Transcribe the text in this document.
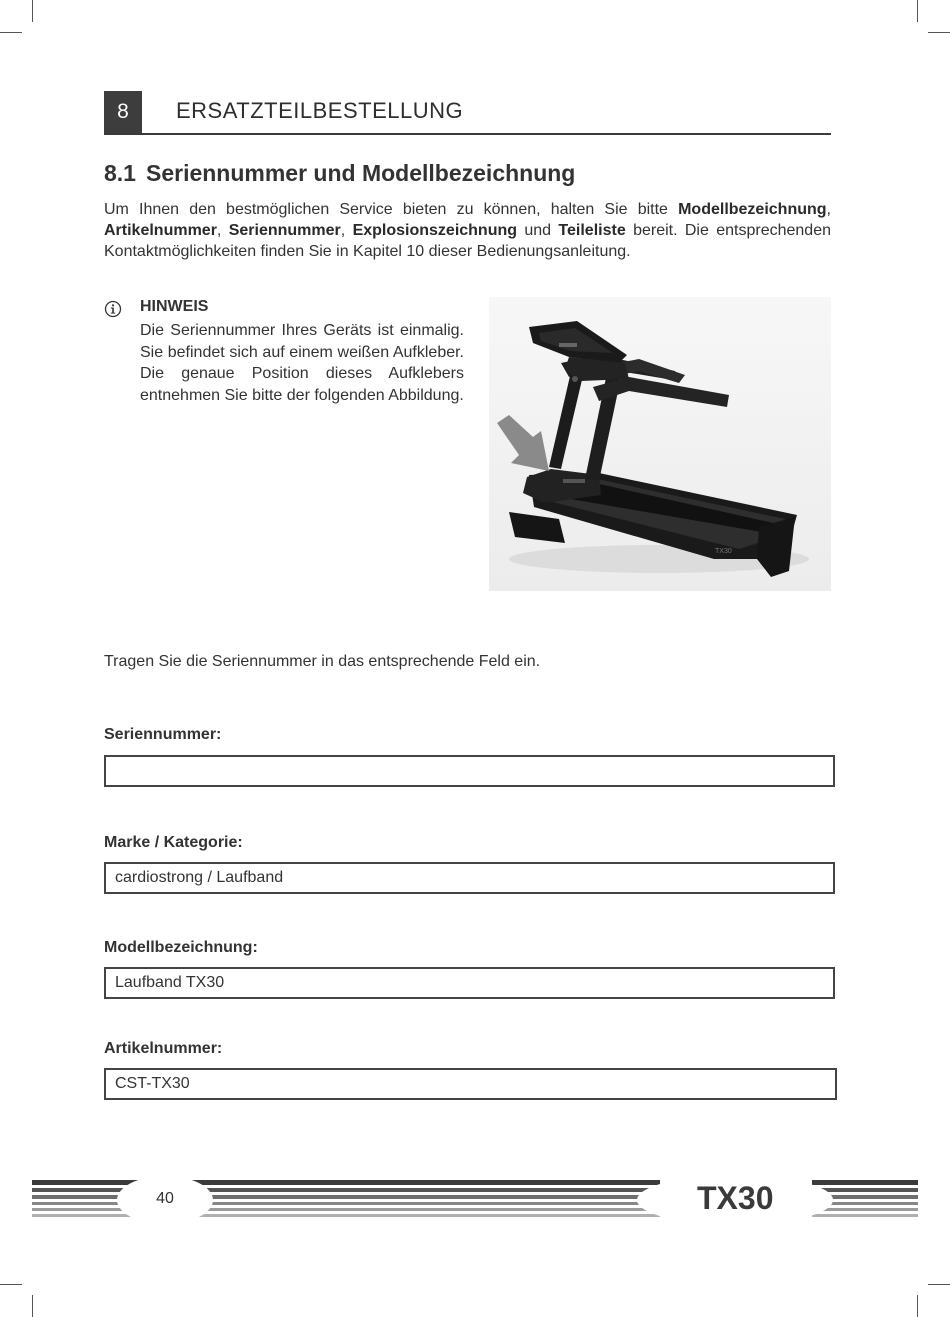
8	ERSATZTEILBESTELLUNG
8.1 Seriennummer und Modellbezeichnung
Um Ihnen den bestmöglichen Service bieten zu können, halten Sie bitte Modellbezeichnung, Artikelnummer, Seriennummer, Explosionszeichnung und Teileliste bereit. Die entsprechenden Kontaktmöglichkeiten finden Sie in Kapitel 10 dieser Bedienungsanleitung.
HINWEIS
Die Seriennummer Ihres Geräts ist einmalig. Sie befindet sich auf einem weißen Aufkleber. Die genaue Position dieses Aufklebers entnehmen Sie bitte der folgenden Abbildung.
TX30
Tragen Sie die Seriennummer in das entsprechende Feld ein.
Seriennummer:
Marke / Kategorie:
cardiostrong / Laufband
Modellbezeichnung:
Laufband TX30
Artikelnummer:
CST-TX30
40	TX30
